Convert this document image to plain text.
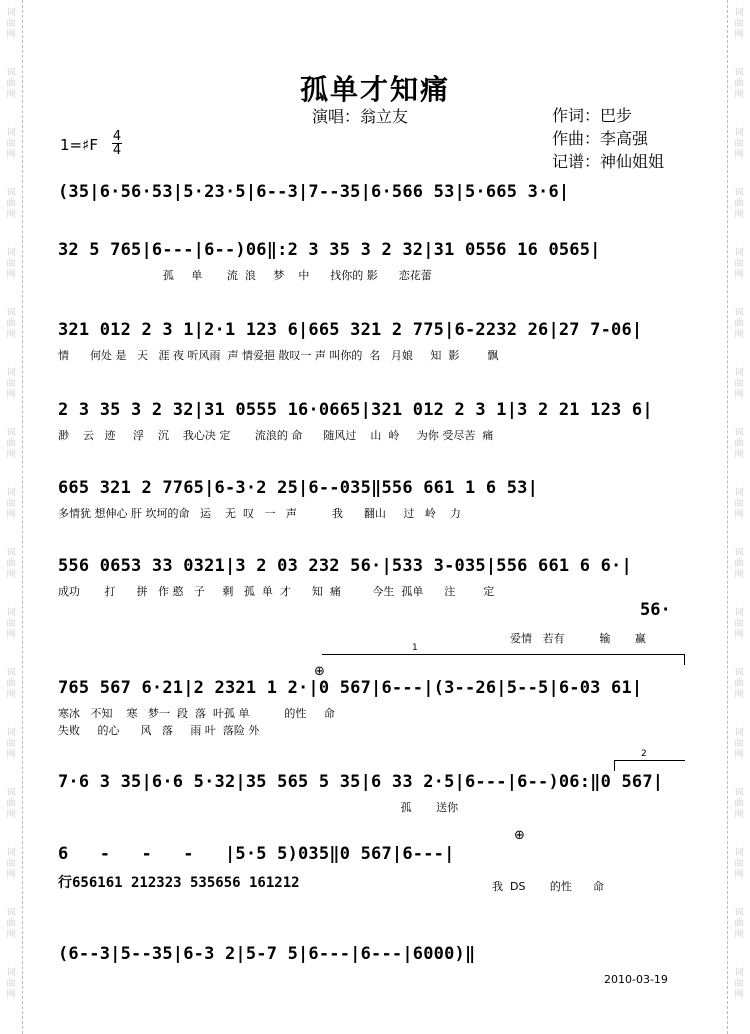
词
曲
网
词
曲
网
词
曲
网
词
曲
网
词
曲
网
词
曲
网
词
曲
网
词
曲
网
词
曲
网
词
曲
网
词
曲
网
词
曲
网
词
曲
网
词
曲
网
词
曲
网
词
曲
网
词
曲
网
词
曲
网
词
曲
网
词
曲
网
词
曲
网
词
曲
网
词
曲
网
词
曲
网
词
曲
网
词
曲
网
词
曲
网
词
曲
网
词
曲
网
词
曲
网
词
曲
网
词
曲
网
词
曲
网
词
曲
网
孤单才知痛
演唱：翁立友	作词：巴步
作曲：李高强
记谱：神仙姐姐
1=♯F 4
4
(35|6·56·53|5·23·5|6--3|7--35|6·566 53|5·665 3·6|
32 5 765|6---|6--)06‖:2 3 35 3 2 32|31 0556 16 0565|
孤     单       流  浪     梦    中      找你的 影      恋花蕾
321 012 2 3 1|2·1 123 6|665 321 2 775|6-2232 26|27 7-06|
情      何处 是   天   涯 夜 听风雨  声 情爱挹 散叹一 声 叫你的  名   月娘     知  影        飘
2 3 35 3 2 32|31 0555 16·0665|321 012 2 3 1|3 2 21 123 6|
渺    云   迹     浮    沉    我心决 定       流浪的 命      随风过    山  岭     为你 受尽苦  痛
665 321 2 7765|6-3·2 25|6--035‖556 661 1 6 53|
多情犹 想伸心 肝 坎坷的命   运    无  叹   一   声          我      翻山     过   岭    力
556 0653 33 0321|3 2 03 232 56·|533 3-035|556 661 6 6·|
成功       打      拼   作 憨   子     剩   孤  单  才      知  痛         今生  孤单      注        定
56·
爱情   若有          输       赢
1
⊕
765 567 6·21|2 2321 1 2·|0 567|6---|(3--26|5--5|6-03 61|
寒冰   不知    寒   梦一  段  落  叶孤 单          的性     命
失败     的心      风   落     雨 叶  落险 外
2
7·6 3 35|6·6 5·32|35 565 5 35|6 33 2·5|6---|6--)06:‖0 567|
孤       送你
⊕
6   -   -   -   |5·5 5)035‖0 567|6---|
行656161 212323 535656 161212	我  DS       的性      命
(6--3|5--35|6-3 2|5-7 5|6---|6---|6000)‖
2010-03-19
